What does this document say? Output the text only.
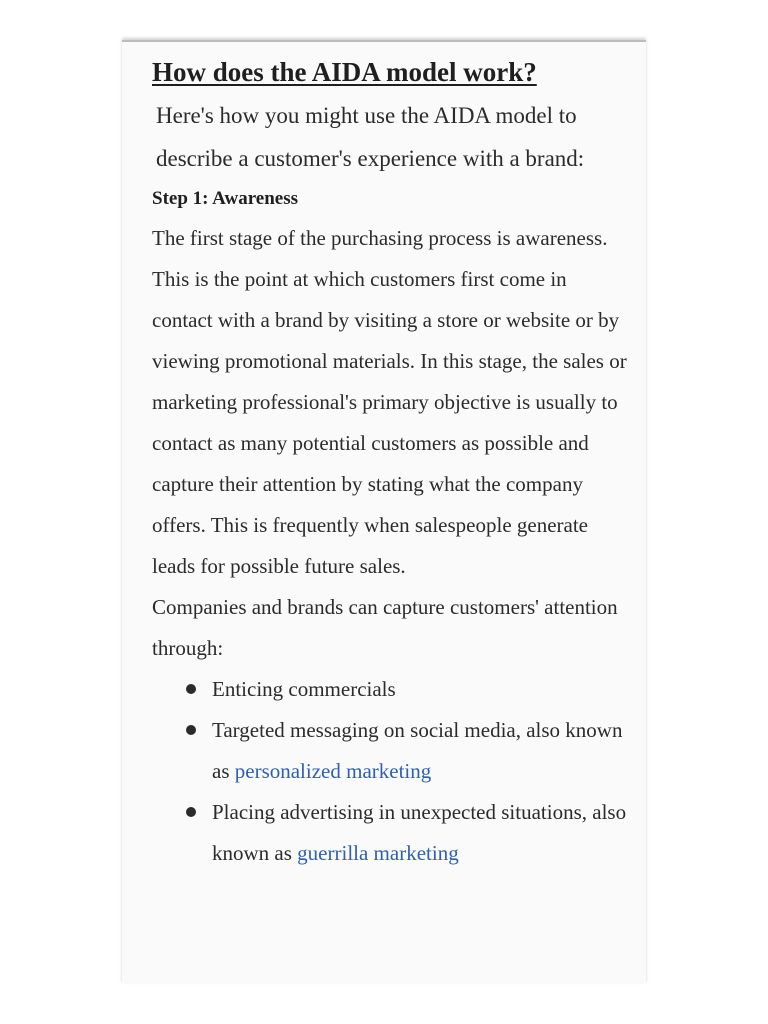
How does the AIDA model work?

Here's how you might use the AIDA model to describe a customer's experience with a brand:

Step 1: Awareness

The first stage of the purchasing process is awareness. This is the point at which customers first come in contact with a brand by visiting a store or website or by viewing promotional materials. In this stage, the sales or marketing professional's primary objective is usually to contact as many potential customers as possible and capture their attention by stating what the company offers. This is frequently when salespeople generate leads for possible future sales.

Companies and brands can capture customers' attention through:

Enticing commercials
Targeted messaging on social media, also known as personalized marketing
Placing advertising in unexpected situations, also known as guerrilla marketing
